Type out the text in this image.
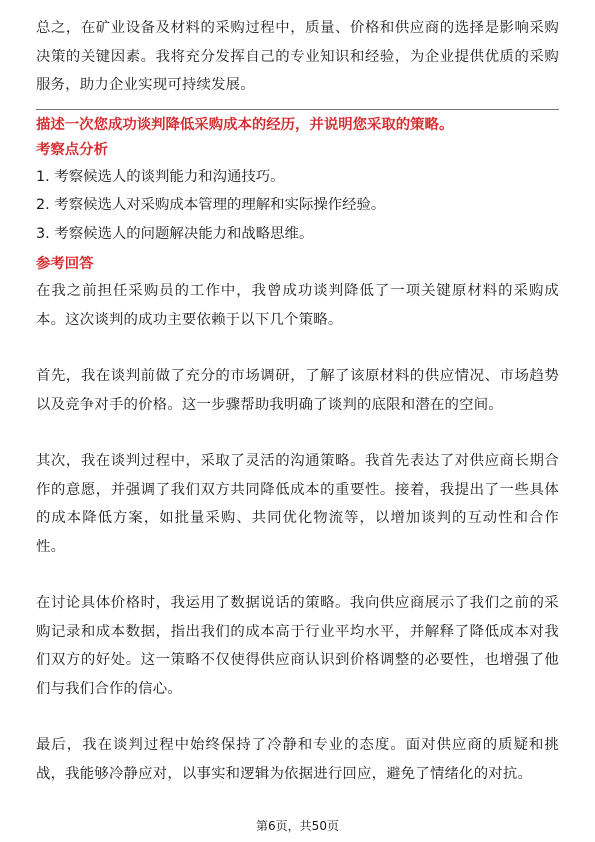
总之，在矿业设备及材料的采购过程中，质量、价格和供应商的选择是影响采购决策的关键因素。我将充分发挥自己的专业知识和经验，为企业提供优质的采购服务，助力企业实现可持续发展。

描述一次您成功谈判降低采购成本的经历，并说明您采取的策略。

考察点分析

1. 考察候选人的谈判能力和沟通技巧。

2. 考察候选人对采购成本管理的理解和实际操作经验。

3. 考察候选人的问题解决能力和战略思维。

参考回答

在我之前担任采购员的工作中，我曾成功谈判降低了一项关键原材料的采购成本。这次谈判的成功主要依赖于以下几个策略。

首先，我在谈判前做了充分的市场调研，了解了该原材料的供应情况、市场趋势以及竞争对手的价格。这一步骤帮助我明确了谈判的底限和潜在的空间。

其次，我在谈判过程中，采取了灵活的沟通策略。我首先表达了对供应商长期合作的意愿，并强调了我们双方共同降低成本的重要性。接着，我提出了一些具体的成本降低方案，如批量采购、共同优化物流等，以增加谈判的互动性和合作性。

在讨论具体价格时，我运用了数据说话的策略。我向供应商展示了我们之前的采购记录和成本数据，指出我们的成本高于行业平均水平，并解释了降低成本对我们双方的好处。这一策略不仅使得供应商认识到价格调整的必要性，也增强了他们与我们合作的信心。

最后，我在谈判过程中始终保持了冷静和专业的态度。面对供应商的质疑和挑战，我能够冷静应对，以事实和逻辑为依据进行回应，避免了情绪化的对抗。

第6页，共50页
